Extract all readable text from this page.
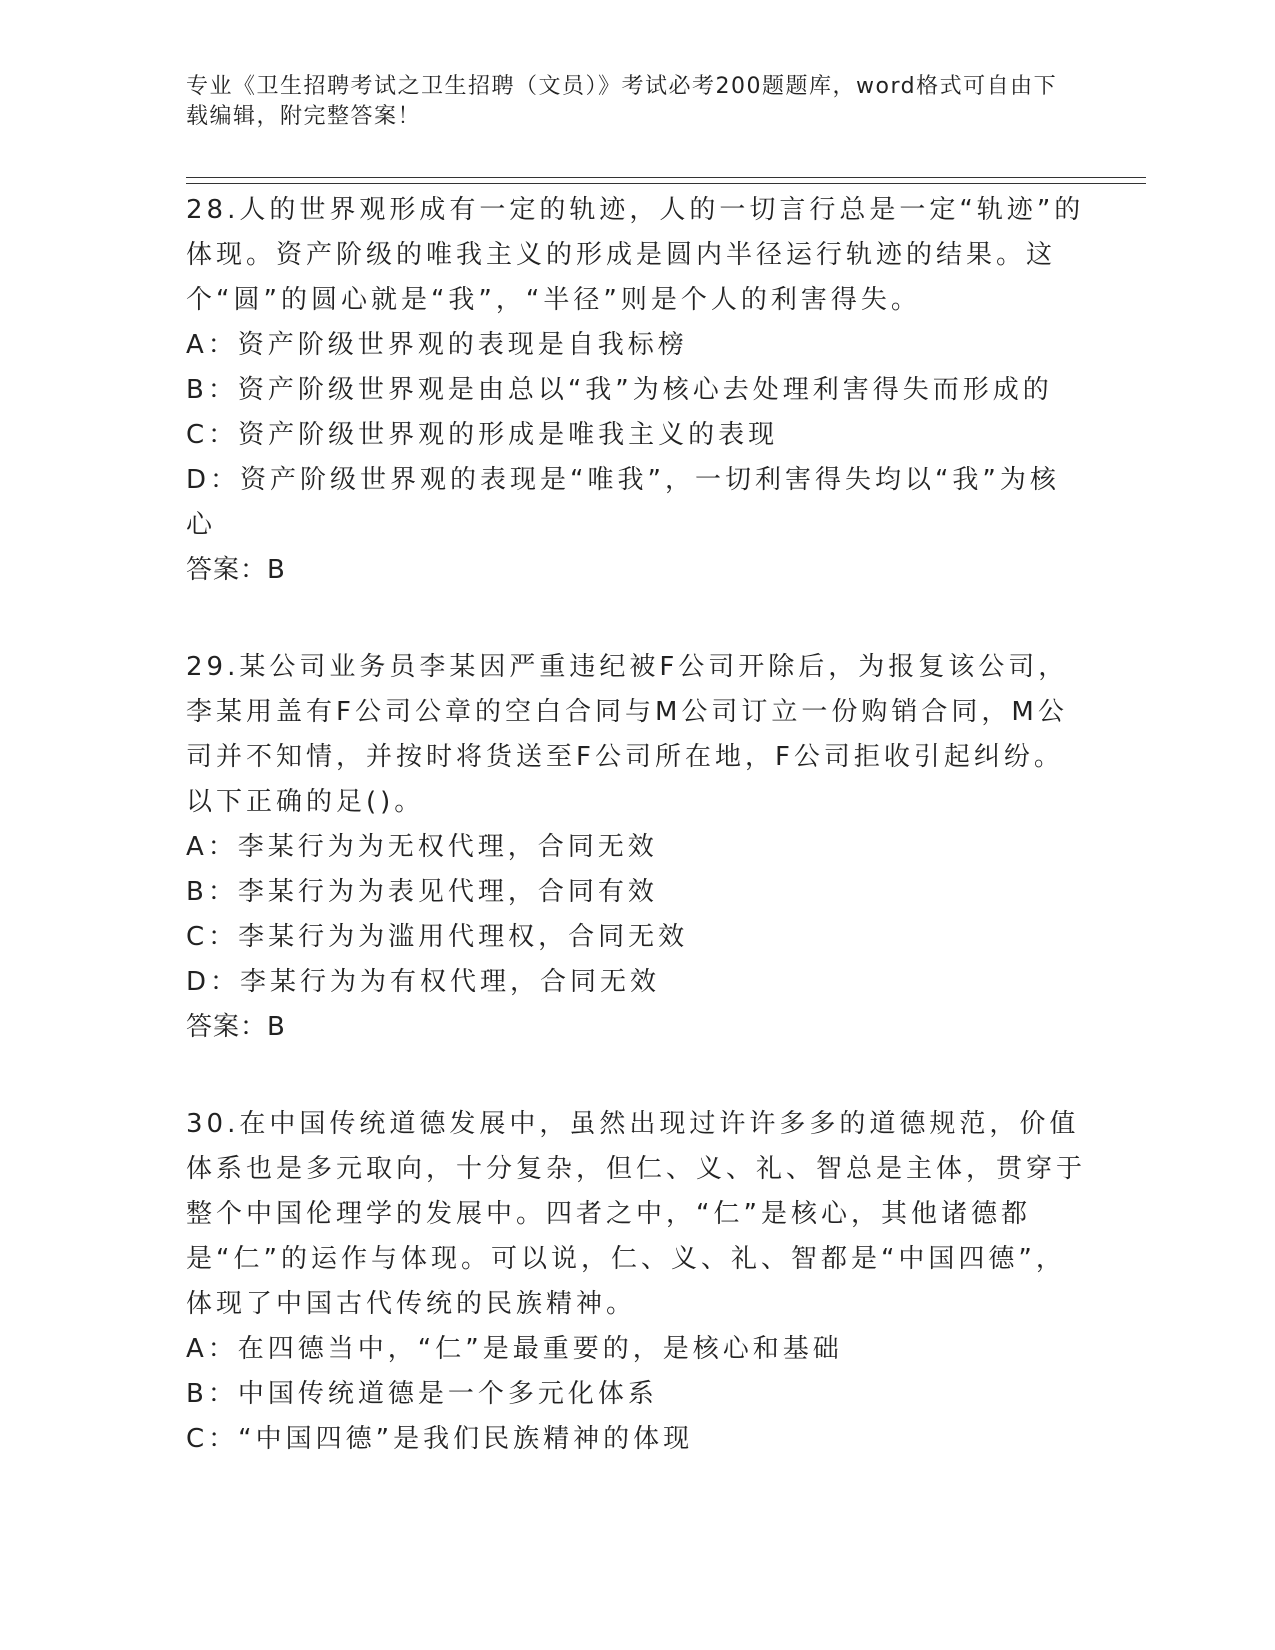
专业《卫生招聘考试之卫生招聘（文员）》考试必考200题题库，word格式可自由下载编辑，附完整答案！
28.人的世界观形成有一定的轨迹，人的一切言行总是一定“轨迹”的体现。资产阶级的唯我主义的形成是圆内半径运行轨迹的结果。这个“圆”的圆心就是“我”，“半径”则是个人的利害得失。
A：资产阶级世界观的表现是自我标榜
B：资产阶级世界观是由总以“我”为核心去处理利害得失而形成的
C：资产阶级世界观的形成是唯我主义的表现
D：资产阶级世界观的表现是“唯我”，一切利害得失均以“我”为核心
答案：B
29.某公司业务员李某因严重违纪被F公司开除后，为报复该公司，李某用盖有F公司公章的空白合同与M公司订立一份购销合同，M公司并不知情，并按时将货送至F公司所在地，F公司拒收引起纠纷。以下正确的足()。
A：李某行为为无权代理，合同无效
B：李某行为为表见代理，合同有效
C：李某行为为滥用代理权，合同无效
D：李某行为为有权代理，合同无效
答案：B
30.在中国传统道德发展中，虽然出现过许许多多的道德规范，价值体系也是多元取向，十分复杂，但仁、义、礼、智总是主体，贯穿于整个中国伦理学的发展中。四者之中，“仁”是核心，其他诸德都是“仁”的运作与体现。可以说，仁、义、礼、智都是“中国四德”，体现了中国古代传统的民族精神。
A：在四德当中，“仁”是最重要的，是核心和基础
B：中国传统道德是一个多元化体系
C：“中国四德”是我们民族精神的体现
